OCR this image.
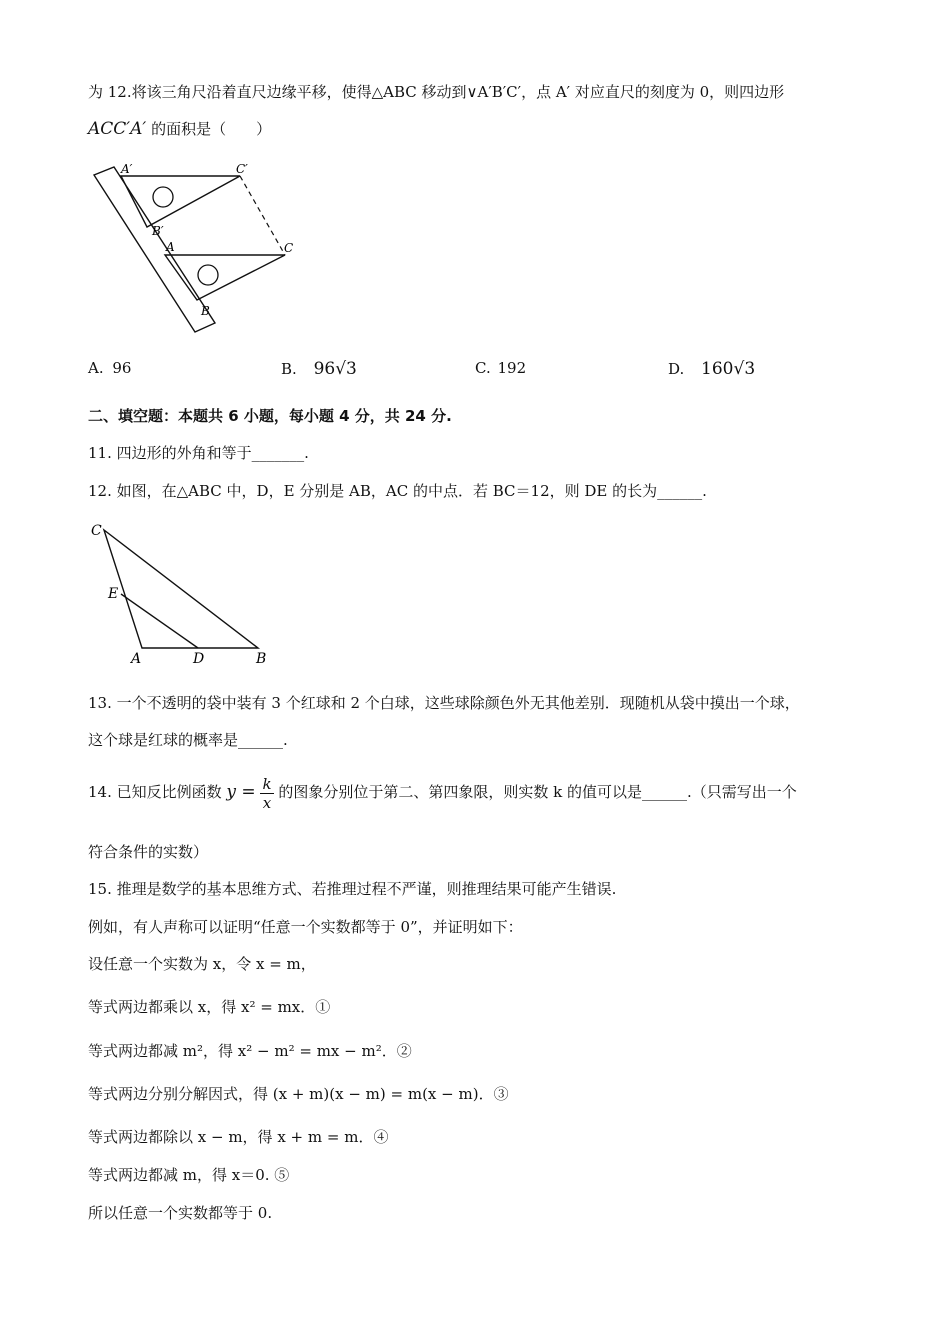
为 12.将该三角尺沿着直尺边缘平移，使得△ABC 移动到∨A′B′C′，点 A′ 对应直尺的刻度为 0，则四边形
ACC′A′ 的面积是（　　）
A′	C′
B′
A	C
B
A. 96	B. 96√3	C. 192	D. 160√3
二、填空题：本题共 6 小题，每小题 4 分，共 24 分.
11. 四边形的外角和等于_______.
12. 如图，在△ABC 中，D，E 分别是 AB，AC 的中点．若 BC＝12，则 DE 的长为______.
C
E
A	D	B
13. 一个不透明的袋中装有 3 个红球和 2 个白球，这些球除颜色外无其他差别．现随机从袋中摸出一个球，
这个球是红球的概率是______.
14. 已知反比例函数 $y = \frac{k}{x}$ 的图象分别位于第二、第四象限，则实数 k 的值可以是______.（只需写出一个
符合条件的实数）
15. 推理是数学的基本思维方式、若推理过程不严谨，则推理结果可能产生错误.
例如，有人声称可以证明“任意一个实数都等于 0”，并证明如下：
设任意一个实数为 x，令 x = m，
等式两边都乘以 x，得 x² = mx．①
等式两边都减 m²，得 x² − m² = mx − m²．②
等式两边分别分解因式，得 (x + m)(x − m) = m(x − m)．③
等式两边都除以 x − m，得 x + m = m．④
等式两边都减 m，得 x＝0. ⑤
所以任意一个实数都等于 0.
